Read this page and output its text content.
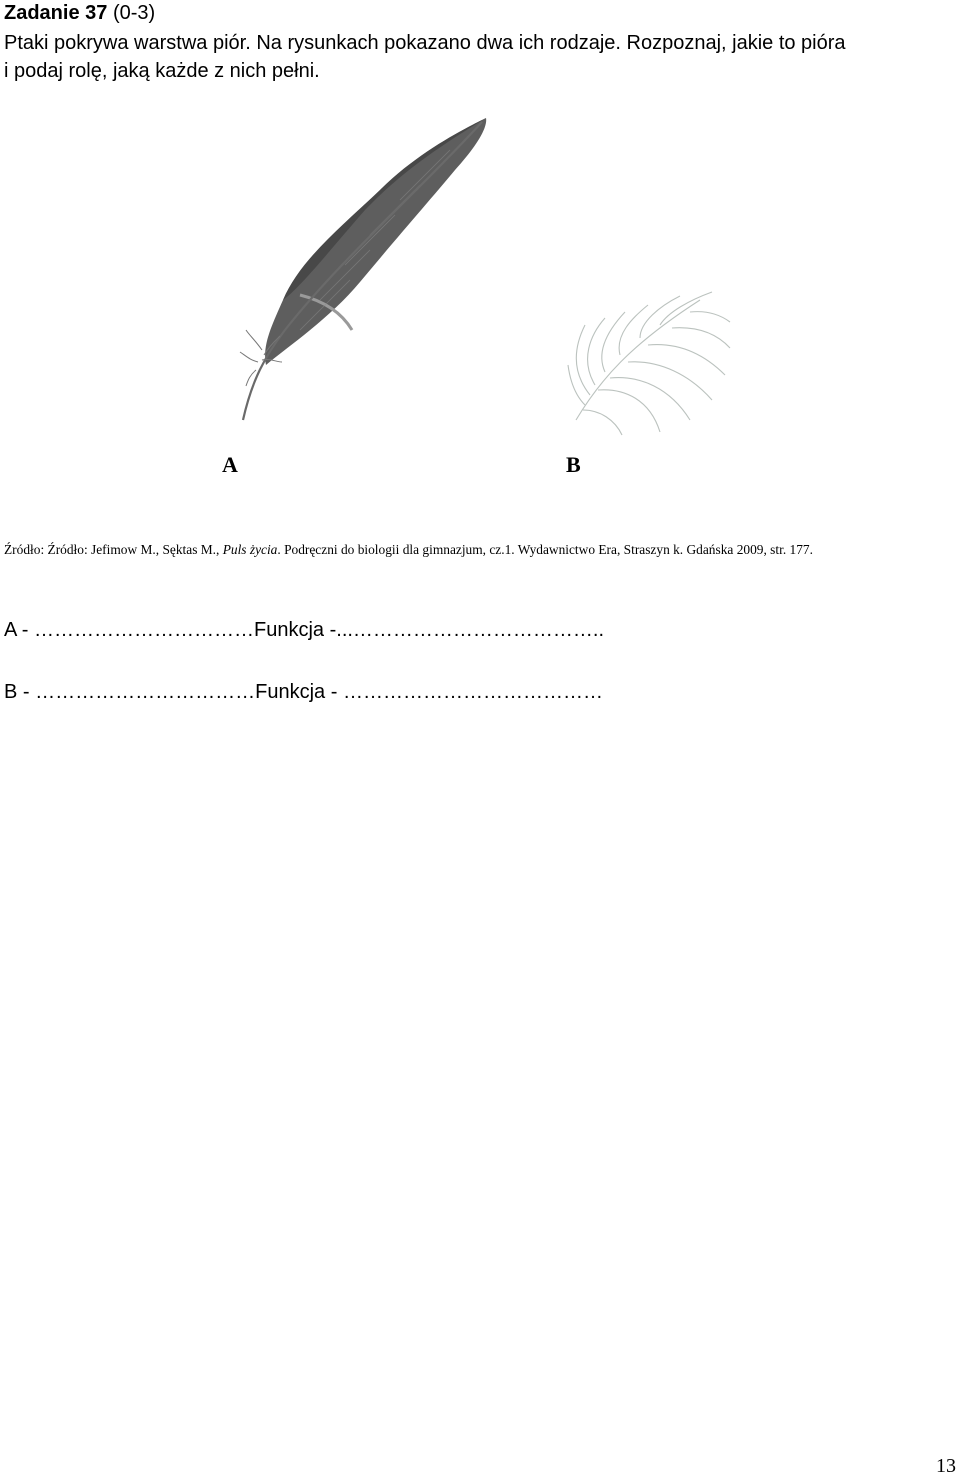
Zadanie 37 (0-3)
Ptaki pokrywa warstwa piór. Na rysunkach pokazano dwa ich rodzaje. Rozpoznaj, jakie to pióra
i podaj rolę, jaką każde z nich pełni.
A	B
Źródło: Źródło: Jefimow M., Sęktas M., Puls życia. Podręczni do biologii dla gimnazjum, cz.1. Wydawnictwo Era, Straszyn k. Gdańska 2009, str. 177.
A - ……………………………Funkcja -...………………………………..
B - ……………………………Funkcja - …………………………………
13
